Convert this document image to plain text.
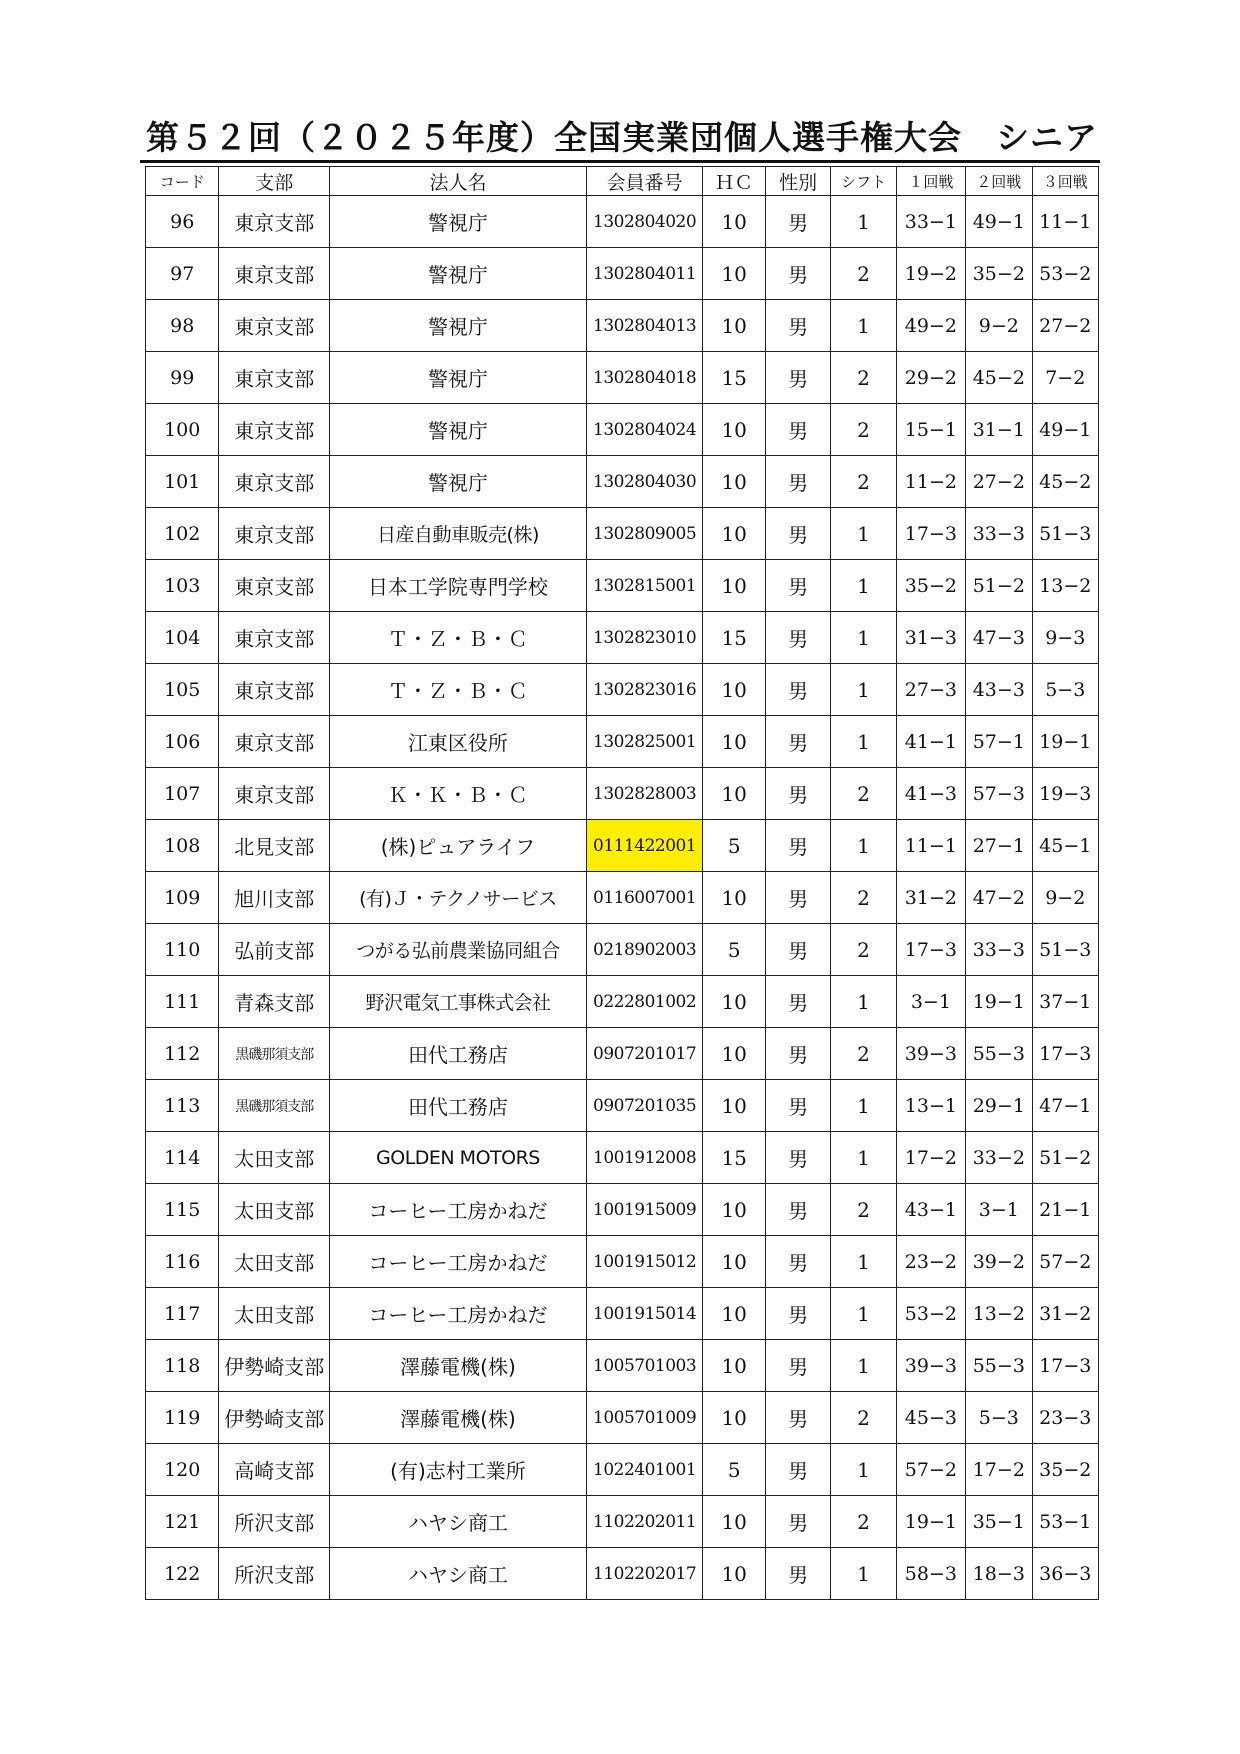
第５２回（２０２５年度）全国実業団個人選手権大会　シニア
コード	支部	法人名	会員番号	ＨＣ	性別	シフト	１回戦	２回戦	３回戦
96	東京支部	警視庁	1302804020	10	男	1	33−1	49−1	11−1
97	東京支部	警視庁	1302804011	10	男	2	19−2	35−2	53−2
98	東京支部	警視庁	1302804013	10	男	1	49−2	9−2	27−2
99	東京支部	警視庁	1302804018	15	男	2	29−2	45−2	7−2
100	東京支部	警視庁	1302804024	10	男	2	15−1	31−1	49−1
101	東京支部	警視庁	1302804030	10	男	2	11−2	27−2	45−2
102	東京支部	日産自動車販売(株)	1302809005	10	男	1	17−3	33−3	51−3
103	東京支部	日本工学院専門学校	1302815001	10	男	1	35−2	51−2	13−2
104	東京支部	Ｔ・Ｚ・Ｂ・Ｃ	1302823010	15	男	1	31−3	47−3	9−3
105	東京支部	Ｔ・Ｚ・Ｂ・Ｃ	1302823016	10	男	1	27−3	43−3	5−3
106	東京支部	江東区役所	1302825001	10	男	1	41−1	57−1	19−1
107	東京支部	Ｋ・Ｋ・Ｂ・Ｃ	1302828003	10	男	2	41−3	57−3	19−3
108	北見支部	(株)ピュアライフ	0111422001	5	男	1	11−1	27−1	45−1
109	旭川支部	(有)Ｊ・テクノサービス	0116007001	10	男	2	31−2	47−2	9−2
110	弘前支部	つがる弘前農業協同組合	0218902003	5	男	2	17−3	33−3	51−3
111	青森支部	野沢電気工事株式会社	0222801002	10	男	1	3−1	19−1	37−1
112	黒磯那須支部	田代工務店	0907201017	10	男	2	39−3	55−3	17−3
113	黒磯那須支部	田代工務店	0907201035	10	男	1	13−1	29−1	47−1
114	太田支部	GOLDEN MOTORS	1001912008	15	男	1	17−2	33−2	51−2
115	太田支部	コーヒー工房かねだ	1001915009	10	男	2	43−1	3−1	21−1
116	太田支部	コーヒー工房かねだ	1001915012	10	男	1	23−2	39−2	57−2
117	太田支部	コーヒー工房かねだ	1001915014	10	男	1	53−2	13−2	31−2
118	伊勢崎支部	澤藤電機(株)	1005701003	10	男	1	39−3	55−3	17−3
119	伊勢崎支部	澤藤電機(株)	1005701009	10	男	2	45−3	5−3	23−3
120	高崎支部	(有)志村工業所	1022401001	5	男	1	57−2	17−2	35−2
121	所沢支部	ハヤシ商工	1102202011	10	男	2	19−1	35−1	53−1
122	所沢支部	ハヤシ商工	1102202017	10	男	1	58−3	18−3	36−3
